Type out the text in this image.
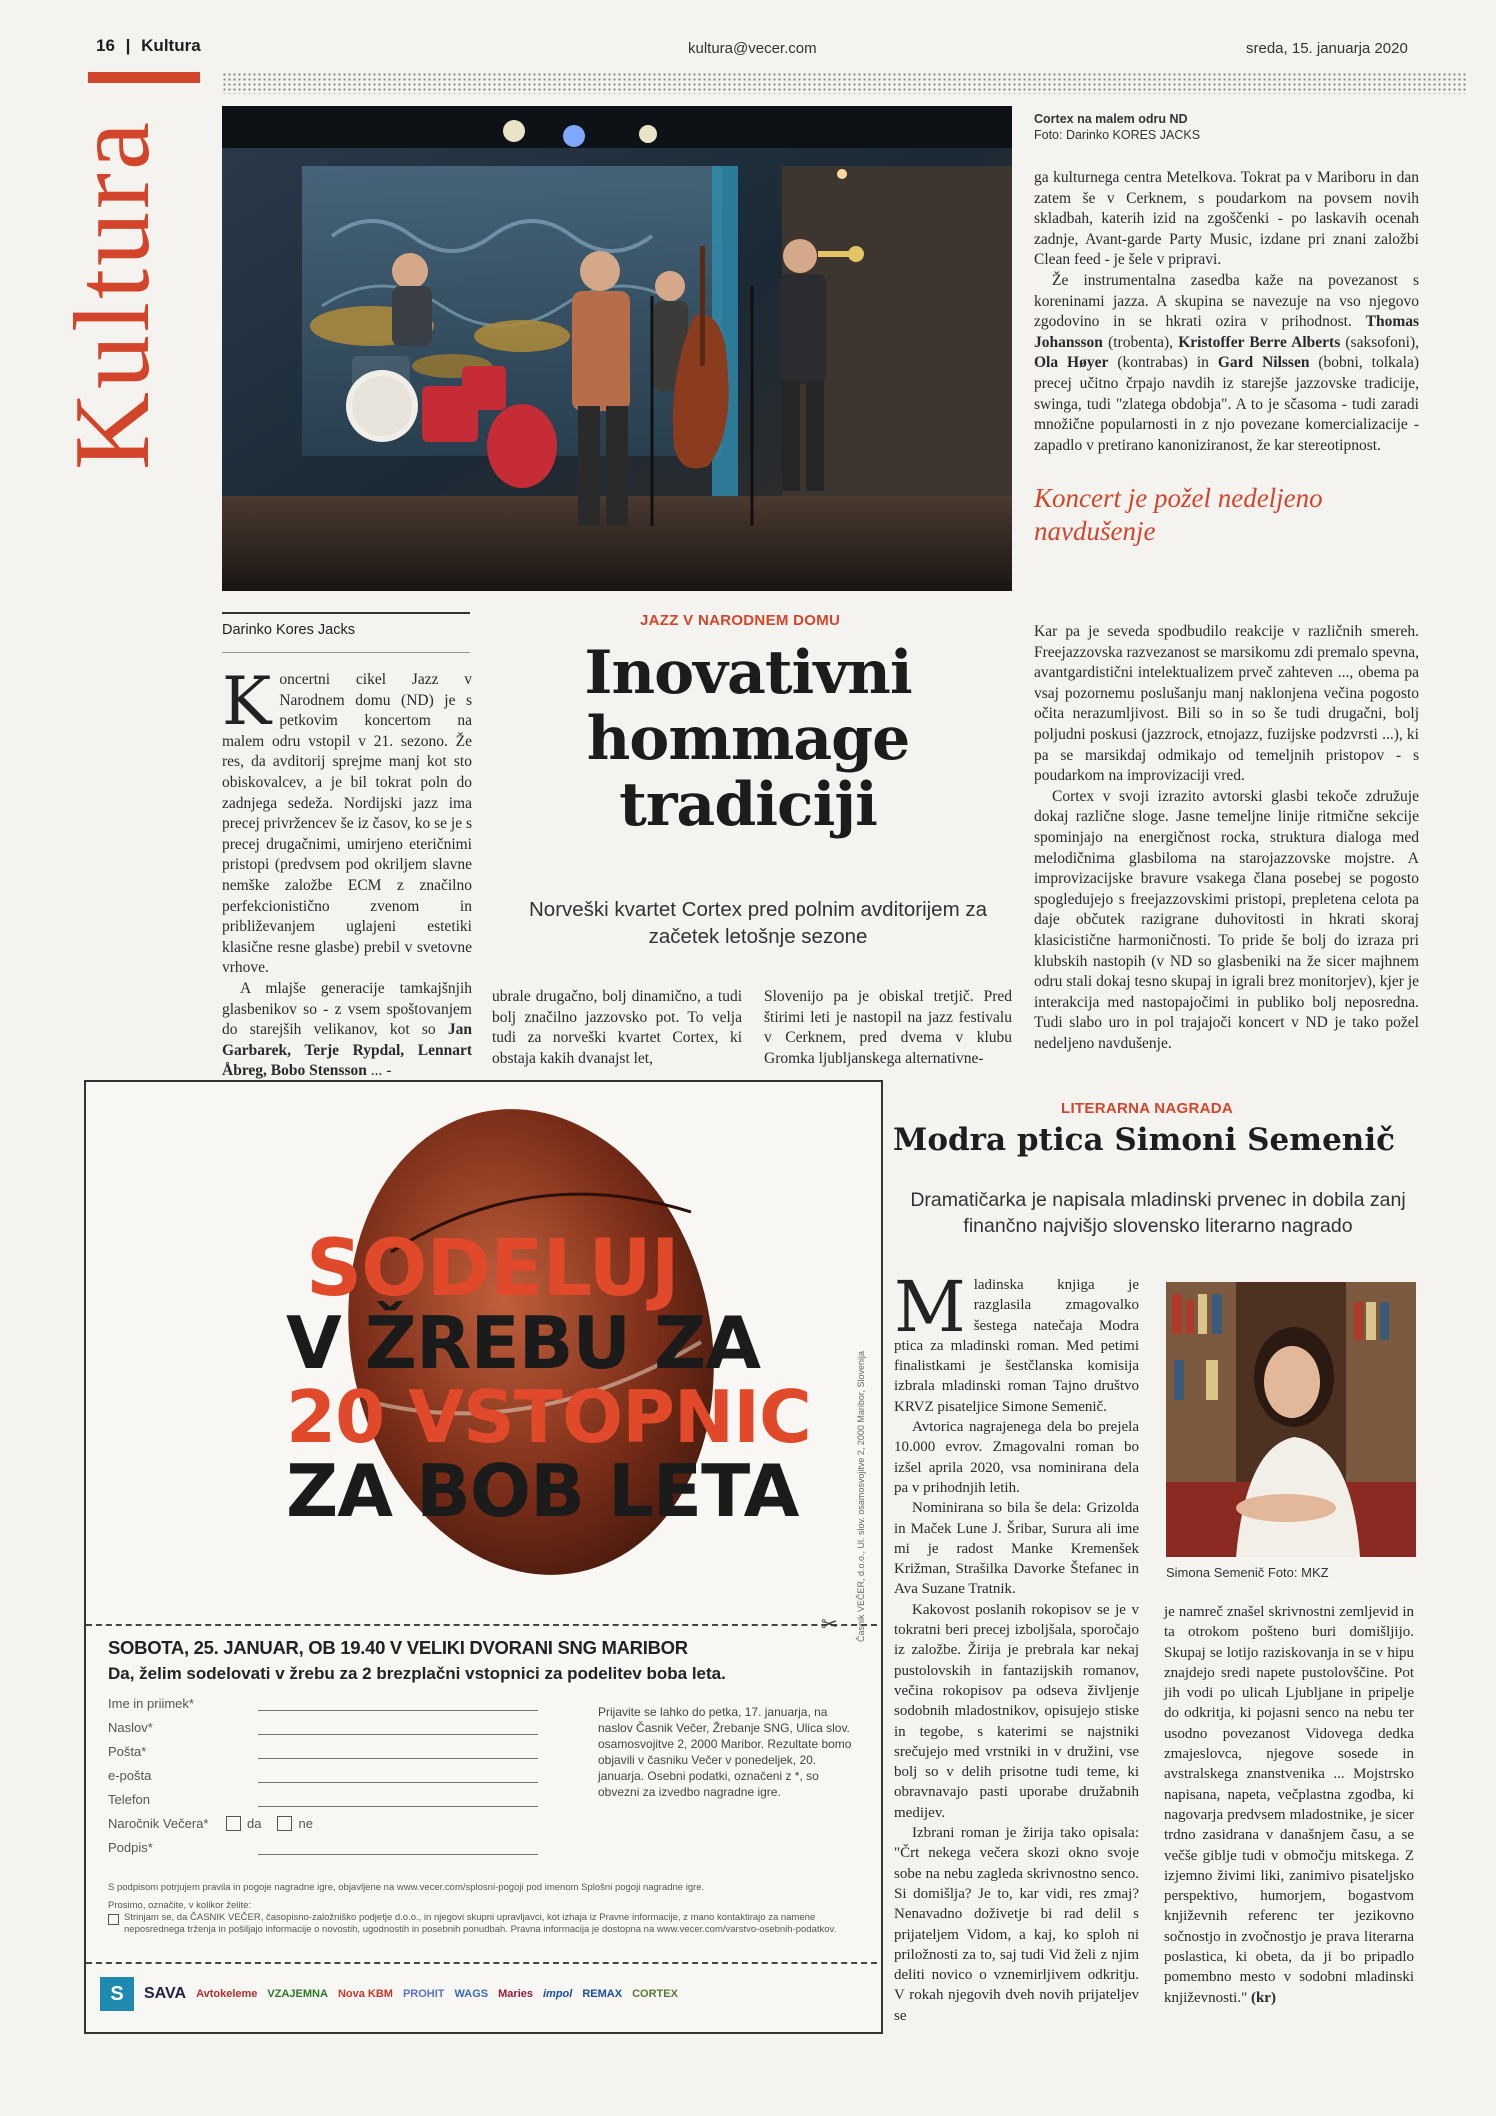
16 | Kultura	kultura@vecer.com	sreda, 15. januarja 2020
Kultura
Cortex na malem odru ND
Foto: Darinko KORES JACKS

ga kulturnega centra Metelkova. Tokrat pa v Mariboru in dan zatem še v Cerknem, s poudarkom na povsem novih skladbah, katerih izid na zgoščenki - po laskavih ocenah zadnje, Avant-garde Party Music, izdane pri znani založbi Clean feed - je šele v pripravi.

Že instrumentalna zasedba kaže na povezanost s koreninami jazza. A skupina se navezuje na vso njegovo zgodovino in se hkrati ozira v prihodnost. Thomas Johansson (trobenta), Kristoffer Berre Alberts (saksofoni), Ola Høyer (kontrabas) in Gard Nilssen (bobni, tolkala) precej učitno črpajo navdih iz starejše jazzovske tradicije, swinga, tudi "zlatega obdobja". A to je sčasoma - tudi zaradi množične popularnosti in z njo povezane komercializacije - zapadlo v pretirano kanoniziranost, že kar stereotipnost.

Koncert je požel nedeljeno navdušenje

Kar pa je seveda spodbudilo reakcije v različnih smereh. Freejazzovska razvezanost se marsikomu zdi premalo spevna, avantgardistični intelektualizem prveč zahteven ..., obema pa vsaj pozornemu poslušanju manj naklonjena večina pogosto očita nerazumljivost. Bili so in so še tudi drugačni, bolj poljudni poskusi (jazzrock, etnojazz, fuzijske podzvrsti ...), ki pa se marsikdaj odmikajo od temeljnih pristopov - s poudarkom na improvizaciji vred.

Cortex v svoji izrazito avtorski glasbi tekoče združuje dokaj različne sloge. Jasne temeljne linije ritmične sekcije spominjajo na energičnost rocka, struktura dialoga med melodičnima glasbiloma na starojazzovske mojstre. A improvizacijske bravure vsakega člana posebej se pogosto spogledujejo s freejazzovskimi pristopi, prepletena celota pa daje občutek razigrane duhovitosti in hkrati skoraj klasicistične harmoničnosti. To pride še bolj do izraza pri klubskih nastopih (v ND so glasbeniki na že sicer majhnem odru stali dokaj tesno skupaj in igrali brez monitorjev), kjer je interakcija med nastopajočimi in publiko bolj neposredna. Tudi slabo uro in pol trajajoči koncert v ND je tako požel nedeljeno navdušenje.

Darinko Kores Jacks

Koncertni cikel Jazz v Narodnem domu (ND) je s petkovim koncertom na malem odru vstopil v 21. sezono. Že res, da avditorij sprejme manj kot sto obiskovalcev, a je bil tokrat poln do zadnjega sedeža. Nordijski jazz ima precej privržencev še iz časov, ko se je s precej drugačnimi, umirjeno eteričnimi pristopi (predvsem pod okriljem slavne nemške založbe ECM z značilno perfekcionistično zvenom in približevanjem uglajeni estetiki klasične resne glasbe) prebil v svetovne vrhove.

A mlajše generacije tamkajšnjih glasbenikov so - z vsem spoštovanjem do starejših velikanov, kot so Jan Garbarek, Terje Rypdal, Lennart Åbreg, Bobo Stensson ... -

JAZZ V NARODNEM DOMU
Inovativni
hommage
tradiciji
Norveški kvartet Cortex pred polnim avditorijem za začetek letošnje sezone
ubrale drugačno, bolj dinamično, a tudi bolj značilno jazzovsko pot. To velja tudi za norveški kvartet Cortex, ki obstaja kakih dvanajst let,
Slovenijo pa je obiskal tretjič. Pred štirimi leti je nastopil na jazz festivalu v Cerknem, pred dvema v klubu Gromka ljubljanskega alternativne-
SODELUJ
V ŽREBU ZA
20 VSTOPNIC
ZA BOB LETA	Časnik VEČER, d.o.o., Ul. slov. osamosvojitve 2, 2000 Maribor, Slovenija
✂
SOBOTA, 25. JANUAR, OB 19.40 V VELIKI DVORANI SNG MARIBOR
Da, želim sodelovati v žrebu za 2 brezplačni vstopnici za podelitev boba leta.
Ime in priimek*
Naslov*
Pošta*
e-pošta
Telefon
Naročnik Večera*	da	ne
Podpis*
Prijavite se lahko do petka, 17. januarja, na naslov Časnik Večer, Žrebanje SNG, Ulica slov. osamosvojitve 2, 2000 Maribor. Rezultate bomo objavili v časniku Večer v ponedeljek, 20. januarja. Osebni podatki, označeni z *, so obvezni za izvedbo nagradne igre.
S podpisom potrjujem pravila in pogoje nagradne igre, objavljene na www.vecer.com/splosni-pogoji pod imenom Splošni pogoji nagradne igre.
Prosimo, označite, v kolikor želite:
Strinjam se, da ČASNIK VEČER, časopisno-založniško podjetje d.o.o., in njegovi skupni upravljavci, kot izhaja iz Pravne informacije, z mano kontaktirajo za namene neposrednega trženja in pošiljajo informacije o novostih, ugodnostih in posebnih ponudbah. Pravna informacija je dostopna na www.vecer.com/varstvo-osebnih-podatkov.
S	SAVA Avtokeleme VZAJEMNA Nova KBM PROHIT WAGS Maries impol REMAX CORTEX
LITERARNA NAGRADA
Modra ptica Simoni Semenič
Dramatičarka je napisala mladinski prvenec in dobila zanj finančno najvišjo slovensko literarno nagrado

Mladinska knjiga je razglasila zmagovalko šestega natečaja Modra ptica za mladinski roman. Med petimi finalistkami je šestčlanska komisija izbrala mladinski roman Tajno društvo KRVZ pisateljice Simone Semenič.

Avtorica nagrajenega dela bo prejela 10.000 evrov. Zmagovalni roman bo izšel aprila 2020, vsa nominirana dela pa v prihodnjih letih.

Nominirana so bila še dela: Grizolda in Maček Lune J. Šribar, Surura ali ime mi je radost Manke Kremenšek Križman, Strašilka Davorke Štefanec in Ava Suzane Tratnik.

Kakovost poslanih rokopisov se je v tokratni beri precej izboljšala, sporočajo iz založbe. Žirija je prebrala kar nekaj pustolovskih in fantazijskih romanov, večina rokopisov pa odseva življenje sodobnih mladostnikov, opisujejo stiske in tegobe, s katerimi se najstniki srečujejo med vrstniki in v družini, vse bolj so v delih prisotne tudi teme, ki obravnavajo pasti uporabe družabnih medijev.

Izbrani roman je žirija tako opisala: "Črt nekega večera skozi okno svoje sobe na nebu zagleda skrivnostno senco. Si domišlja? Je to, kar vidi, res zmaj? Nenavadno doživetje bi rad delil s prijateljem Vidom, a kaj, ko sploh ni priložnosti za to, saj tudi Vid želi z njim deliti novico o vznemirljivem odkritju. V rokah njegovih dveh novih prijateljev se

Simona Semenič Foto: MKZ

je namreč znašel skrivnostni zemljevid in ta otrokom pošteno buri domišljijo. Skupaj se lotijo raziskovanja in se v hipu znajdejo sredi napete pustolovščine. Pot jih vodi po ulicah Ljubljane in pripelje do odkritja, ki pojasni senco na nebu ter usodno povezanost Vidovega dedka zmajeslovca, njegove sosede in avstralskega znanstvenika ... Mojstrsko napisana, napeta, večplastna zgodba, ki nagovarja predvsem mladostnike, je sicer trdno zasidrana v današnjem času, a se večše giblje tudi v območju mitskega. Z izjemno živimi liki, zanimivo pisateljsko perspektivo, humorjem, bogastvom književnih referenc ter jezikovno sočnostjo in zvočnostjo je prava literarna poslastica, ki obeta, da ji bo pripadlo pomembno mesto v sodobni mladinski književnosti." (kr)
